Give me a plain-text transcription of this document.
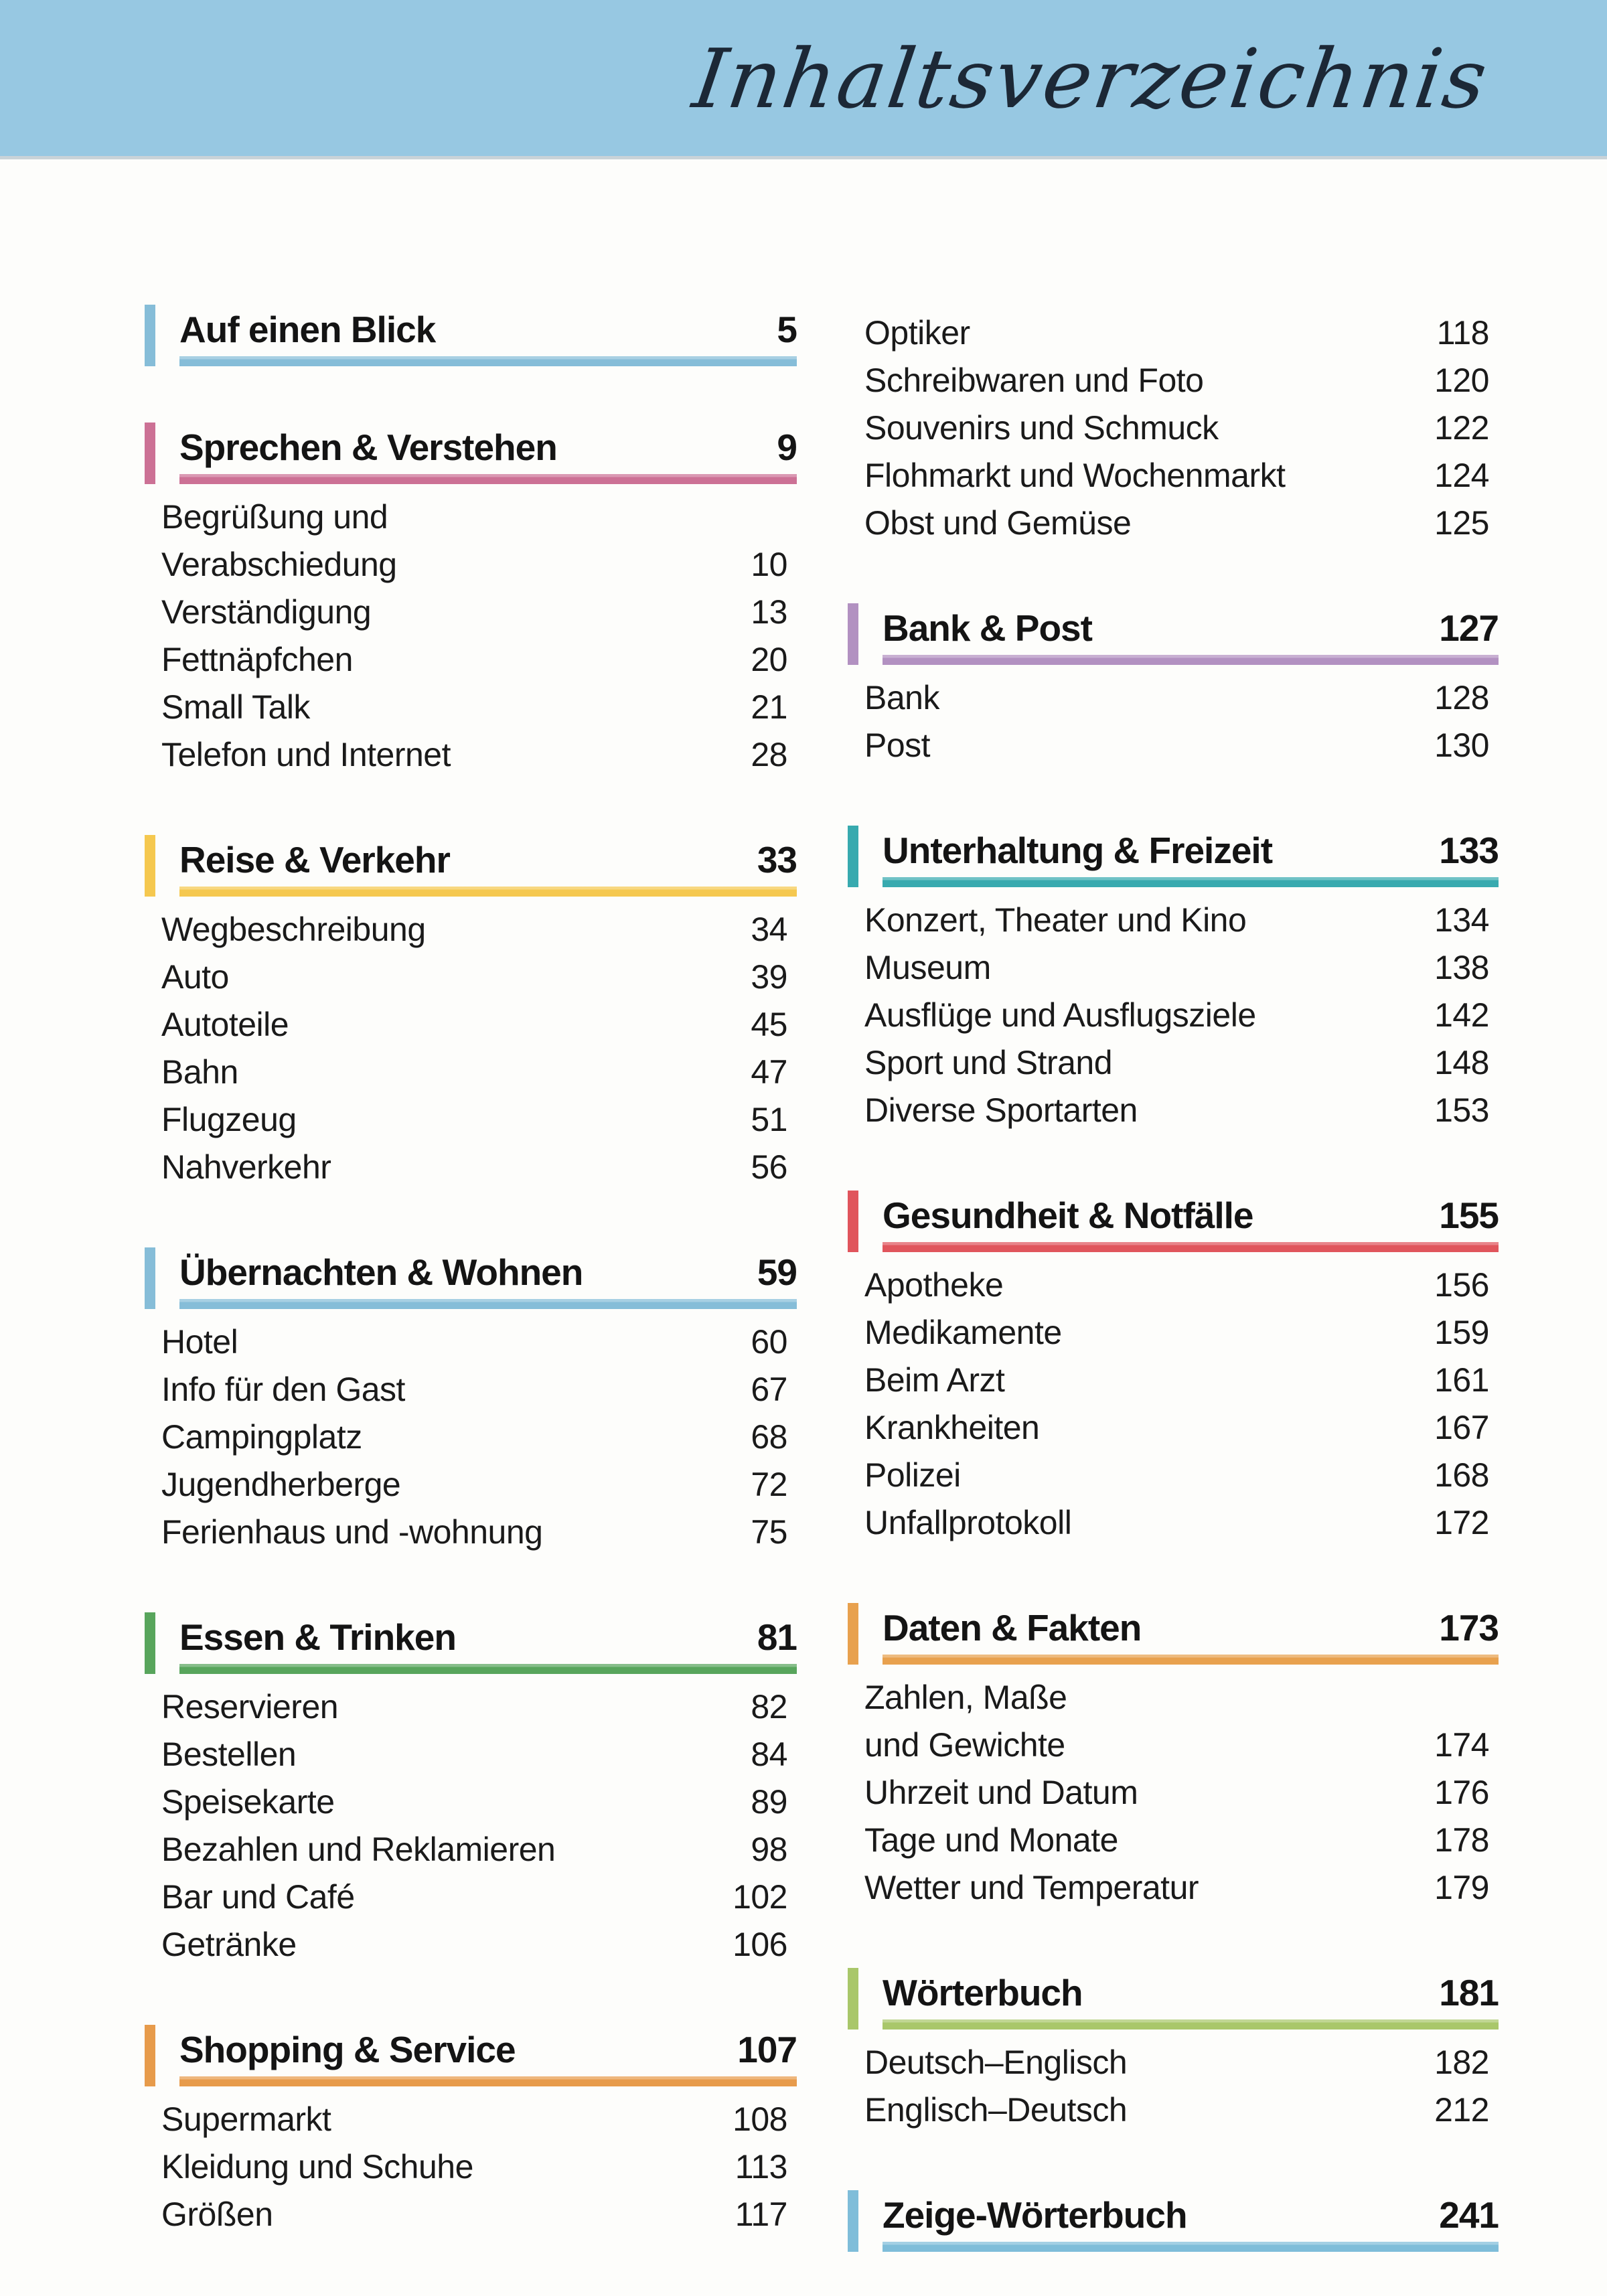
Inhaltsverzeichnis
Auf einen Blick	5
Sprechen & Verstehen	9
Begrüßung und
Verabschiedung	10
Verständigung	13
Fettnäpfchen	20
Small Talk	21
Telefon und Internet	28
Reise & Verkehr	33
Wegbeschreibung	34
Auto	39
Autoteile	45
Bahn	47
Flugzeug	51
Nahverkehr	56
Übernachten & Wohnen	59
Hotel	60
Info für den Gast	67
Campingplatz	68
Jugendherberge	72
Ferienhaus und -wohnung	75
Essen & Trinken	81
Reservieren	82
Bestellen	84
Speisekarte	89
Bezahlen und Reklamieren	98
Bar und Café	102
Getränke	106
Shopping & Service	107
Supermarkt	108
Kleidung und Schuhe	113
Größen	117
Optiker	118
Schreibwaren und Foto	120
Souvenirs und Schmuck	122
Flohmarkt und Wochenmarkt	124
Obst und Gemüse	125
Bank & Post	127
Bank	128
Post	130
Unterhaltung & Freizeit	133
Konzert, Theater und Kino	134
Museum	138
Ausflüge und Ausflugsziele	142
Sport und Strand	148
Diverse Sportarten	153
Gesundheit & Notfälle	155
Apotheke	156
Medikamente	159
Beim Arzt	161
Krankheiten	167
Polizei	168
Unfallprotokoll	172
Daten & Fakten	173
Zahlen, Maße
und Gewichte	174
Uhrzeit und Datum	176
Tage und Monate	178
Wetter und Temperatur	179
Wörterbuch	181
Deutsch–Englisch	182
Englisch–Deutsch	212
Zeige-Wörterbuch	241
